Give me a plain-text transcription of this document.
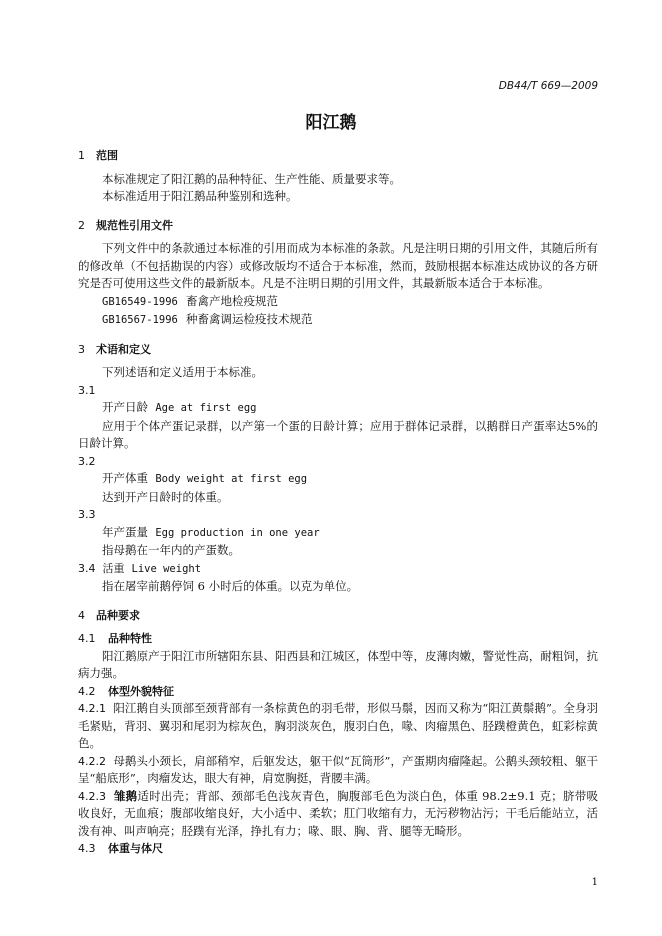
DB44/T 669—2009
阳江鹅
1 范围

本标准规定了阳江鹅的品种特征、生产性能、质量要求等。

本标准适用于阳江鹅品种鉴别和选种。

2 规范性引用文件

下列文件中的条款通过本标准的引用而成为本标准的条款。凡是注明日期的引用文件，其随后所有的修改单（不包括勘误的内容）或修改版均不适合于本标准，然而，鼓励根据本标准达成协议的各方研究是否可使用这些文件的最新版本。凡是不注明日期的引用文件，其最新版本适合于本标准。

GB16549-1996 畜禽产地检疫规范

GB16567-1996 种畜禽调运检疫技术规范

3 术语和定义

下列述语和定义适用于本标准。

3.1

开产日龄 Age at first egg

应用于个体产蛋记录群，以产第一个蛋的日龄计算；应用于群体记录群，以鹅群日产蛋率达5%的日龄计算。

3.2

开产体重 Body weight at first egg

达到开产日龄时的体重。

3.3

年产蛋量 Egg production in one year

指母鹅在一年内的产蛋数。

3.4 活重 Live weight

指在屠宰前鹅停饲 6 小时后的体重。以克为单位。

4 品种要求
4.1 品种特性

阳江鹅原产于阳江市所辖阳东县、阳西县和江城区，体型中等，皮薄肉嫩，警觉性高，耐粗饲，抗病力强。

4.2 体型外貌特征

4.2.1 阳江鹅自头顶部至颈背部有一条棕黄色的羽毛带，形似马鬃，因而又称为“阳江黄鬃鹅”。全身羽毛紧贴，背羽、翼羽和尾羽为棕灰色，胸羽淡灰色，腹羽白色，喙、肉瘤黑色、胫蹼橙黄色，虹彩棕黄色。

4.2.2 母鹅头小颈长，肩部稍窄，后躯发达，躯干似“瓦筒形”，产蛋期肉瘤隆起。公鹅头颈较粗、躯干呈“船底形”，肉瘤发达，眼大有神，肩宽胸挺，背腰丰满。

4.2.3 雏鹅适时出壳；背部、颈部毛色浅灰青色，胸腹部毛色为淡白色，体重 98.2±9.1 克；脐带吸收良好，无血痕；腹部收缩良好，大小适中、柔软；肛门收缩有力，无污秽物沾污；干毛后能站立，活泼有神、叫声响亮；胫蹼有光泽，挣扎有力；喙、眼、胸、背、腿等无畸形。

4.3 体重与体尺
1
